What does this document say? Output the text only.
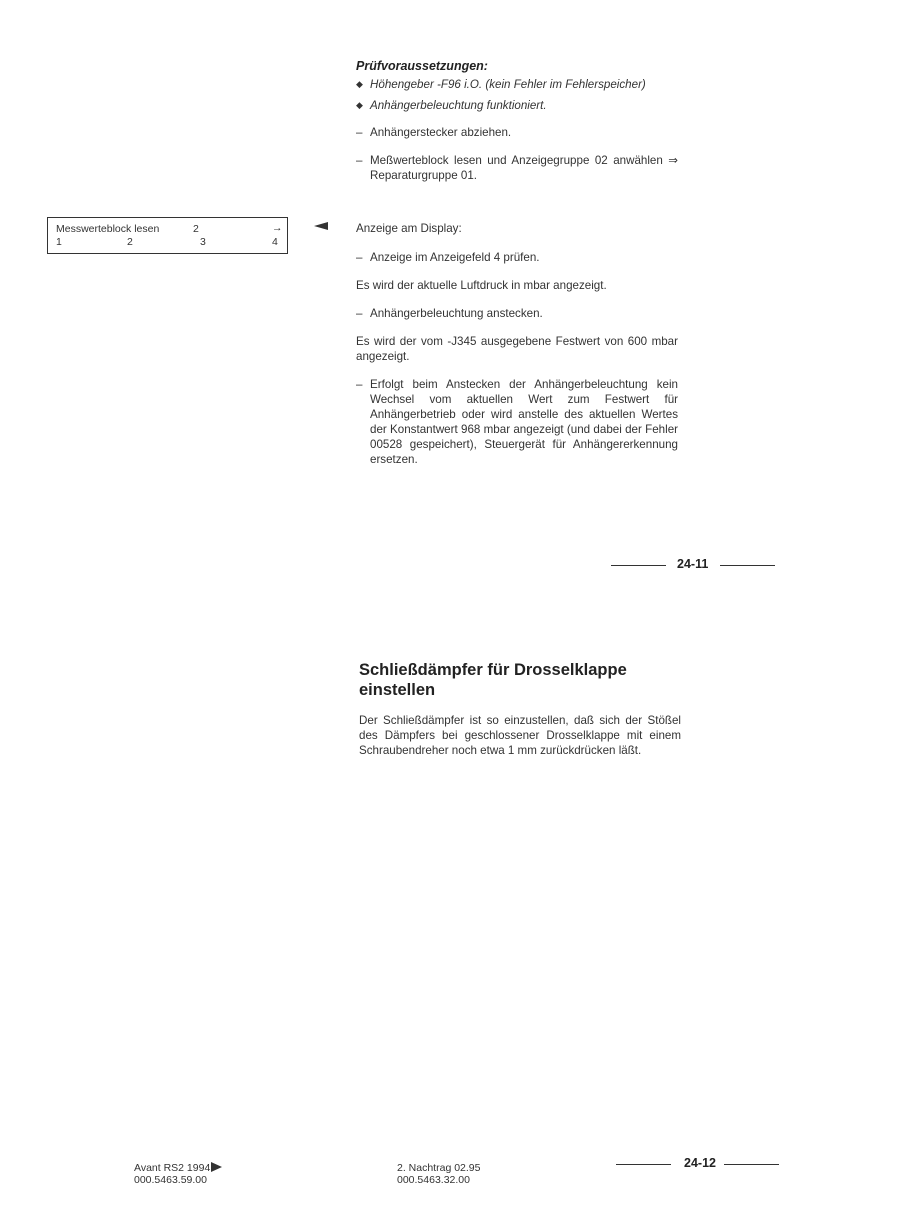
Messwerteblock lesen	2	→
1	2	3	4

Prüfvoraussetzungen:

◆ Höhengeber -F96 i.O. (kein Fehler im Fehlerspeicher)

◆ Anhängerbeleuchtung funktioniert.

– Anhängerstecker abziehen.

– Meßwerteblock lesen und Anzeigegruppe 02 anwählen ⇒ Reparaturgruppe 01.

Anzeige am Display:

– Anzeige im Anzeigefeld 4 prüfen.

Es wird der aktuelle Luftdruck in mbar angezeigt.

– Anhängerbeleuchtung anstecken.

Es wird der vom -J345 ausgegebene Festwert von 600 mbar angezeigt.

– Erfolgt beim Anstecken der Anhängerbeleuchtung kein Wechsel vom aktuellen Wert zum Festwert für Anhängerbetrieb oder wird anstelle des aktuellen Wertes der Konstantwert 968 mbar angezeigt (und dabei der Fehler 00528 gespeichert), Steuergerät für Anhängererkennung ersetzen.

24-11
Schließdämpfer für Drosselklappe
einstellen
Der Schließdämpfer ist so einzustellen, daß sich der Stößel des Dämpfers bei geschlossener Drosselklappe mit einem Schraubendreher noch etwa 1 mm zurückdrücken läßt.
Avant RS2 1994
000.5463.59.00
2. Nachtrag 02.95
000.5463.32.00
24-12
